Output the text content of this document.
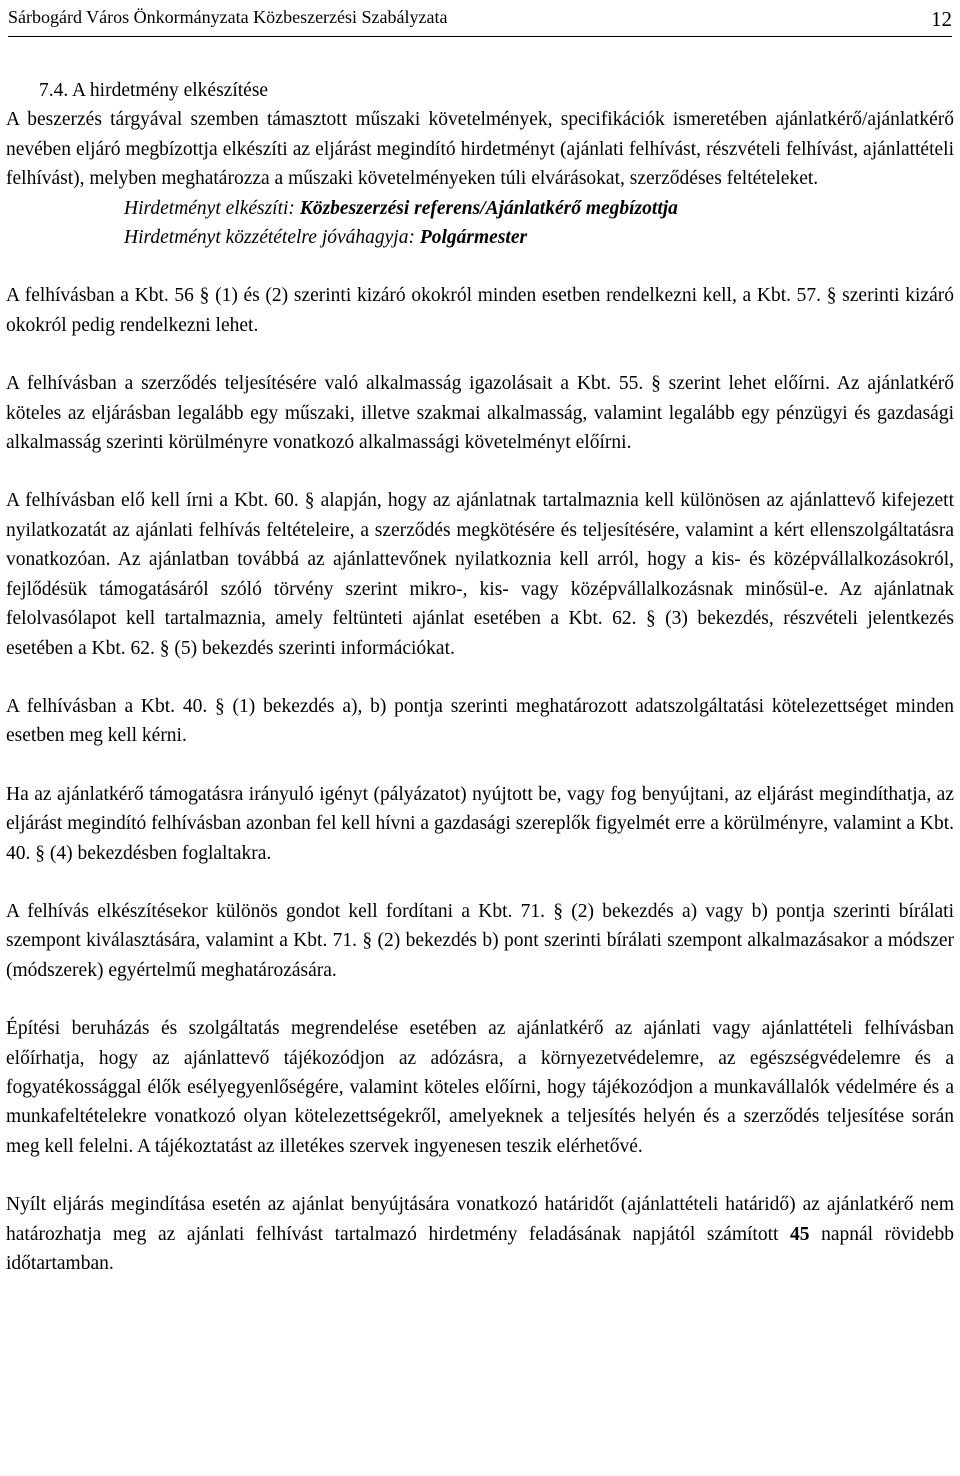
Sárbogárd Város Önkormányzata Közbeszerzési Szabályzata	12

7.4. A hirdetmény elkészítése

A beszerzés tárgyával szemben támasztott műszaki követelmények, specifikációk ismeretében ajánlatkérő/ajánlatkérő nevében eljáró megbízottja elkészíti az eljárást megindító hirdetményt (ajánlati felhívást, részvételi felhívást, ajánlattételi felhívást), melyben meghatározza a műszaki követelményeken túli elvárásokat, szerződéses feltételeket.

Hirdetményt elkészíti: Közbeszerzési referens/Ajánlatkérő megbízottja

Hirdetményt közzétételre jóváhagyja: Polgármester

A felhívásban a Kbt. 56 § (1) és (2) szerinti kizáró okokról minden esetben rendelkezni kell, a Kbt. 57. § szerinti kizáró okokról pedig rendelkezni lehet.

A felhívásban a szerződés teljesítésére való alkalmasság igazolásait a Kbt. 55. § szerint lehet előírni. Az ajánlatkérő köteles az eljárásban legalább egy műszaki, illetve szakmai alkalmasság, valamint legalább egy pénzügyi és gazdasági alkalmasság szerinti körülményre vonatkozó alkalmassági követelményt előírni.

A felhívásban elő kell írni a Kbt. 60. § alapján, hogy az ajánlatnak tartalmaznia kell különösen az ajánlattevő kifejezett nyilatkozatát az ajánlati felhívás feltételeire, a szerződés megkötésére és teljesítésére, valamint a kért ellenszolgáltatásra vonatkozóan. Az ajánlatban továbbá az ajánlattevőnek nyilatkoznia kell arról, hogy a kis- és középvállalkozásokról, fejlődésük támogatásáról szóló törvény szerint mikro-, kis- vagy középvállalkozásnak minősül-e. Az ajánlatnak felolvasólapot kell tartalmaznia, amely feltünteti ajánlat esetében a Kbt. 62. § (3) bekezdés, részvételi jelentkezés esetében a Kbt. 62. § (5) bekezdés szerinti információkat.

A felhívásban a Kbt. 40. § (1) bekezdés a), b) pontja szerinti meghatározott adatszolgáltatási kötelezettséget minden esetben meg kell kérni.

Ha az ajánlatkérő támogatásra irányuló igényt (pályázatot) nyújtott be, vagy fog benyújtani, az eljárást megindíthatja, az eljárást megindító felhívásban azonban fel kell hívni a gazdasági szereplők figyelmét erre a körülményre, valamint a Kbt. 40. § (4) bekezdésben foglaltakra.

A felhívás elkészítésekor különös gondot kell fordítani a Kbt. 71. § (2) bekezdés a) vagy b) pontja szerinti bírálati szempont kiválasztására, valamint a Kbt. 71. § (2) bekezdés b) pont szerinti bírálati szempont alkalmazásakor a módszer (módszerek) egyértelmű meghatározására.

Építési beruházás és szolgáltatás megrendelése esetében az ajánlatkérő az ajánlati vagy ajánlattételi felhívásban előírhatja, hogy az ajánlattevő tájékozódjon az adózásra, a környezetvédelemre, az egészségvédelemre és a fogyatékossággal élők esélyegyenlőségére, valamint köteles előírni, hogy tájékozódjon a munkavállalók védelmére és a munkafeltételekre vonatkozó olyan kötelezettségekről, amelyeknek a teljesítés helyén és a szerződés teljesítése során meg kell felelni. A tájékoztatást az illetékes szervek ingyenesen teszik elérhetővé.

Nyílt eljárás megindítása esetén az ajánlat benyújtására vonatkozó határidőt (ajánlattételi határidő) az ajánlatkérő nem határozhatja meg az ajánlati felhívást tartalmazó hirdetmény feladásának napjától számított 45 napnál rövidebb időtartamban.
